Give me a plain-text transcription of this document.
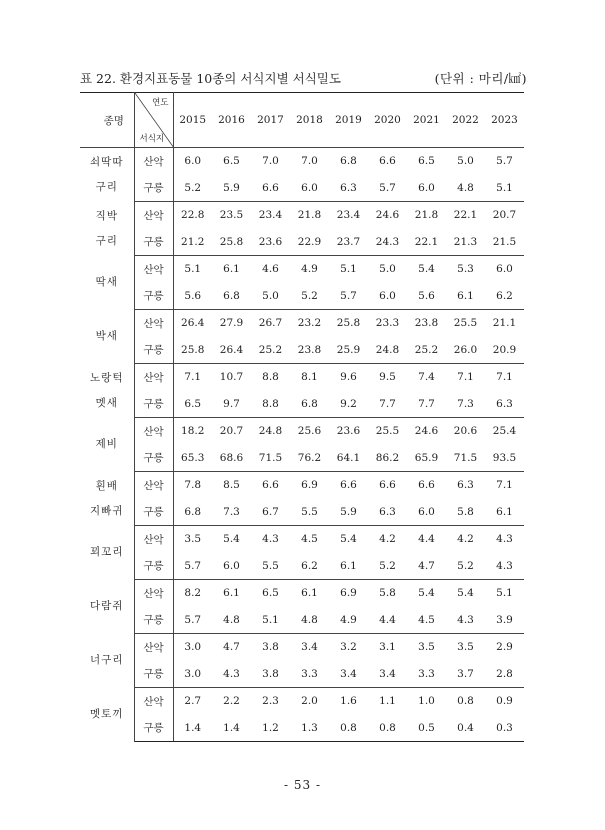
표 22. 환경지표동물 10종의 서식지별 서식밀도	(단위 : 마리/㎢)
종명	연도
서식지	2015	2016	2017	2018	2019	2020	2021	2022	2023

쇠딱따
구리	산악	6.0	6.5	7.0	7.0	6.8	6.6	6.5	5.0	5.7
	구릉	5.2	5.9	6.6	6.0	6.3	5.7	6.0	4.8	5.1

직박
구리	산악	22.8	23.5	23.4	21.8	23.4	24.6	21.8	22.1	20.7
	구릉	21.2	25.8	23.6	22.9	23.7	24.3	22.1	21.3	21.5

딱새	산악	5.1	6.1	4.6	4.9	5.1	5.0	5.4	5.3	6.0
	구릉	5.6	6.8	5.0	5.2	5.7	6.0	5.6	6.1	6.2

박새	산악	26.4	27.9	26.7	23.2	25.8	23.3	23.8	25.5	21.1
	구릉	25.8	26.4	25.2	23.8	25.9	24.8	25.2	26.0	20.9

노랑턱
멧새	산악	7.1	10.7	8.8	8.1	9.6	9.5	7.4	7.1	7.1
	구릉	6.5	9.7	8.8	6.8	9.2	7.7	7.7	7.3	6.3

제비	산악	18.2	20.7	24.8	25.6	23.6	25.5	24.6	20.6	25.4
	구릉	65.3	68.6	71.5	76.2	64.1	86.2	65.9	71.5	93.5

흰배
지빠귀	산악	7.8	8.5	6.6	6.9	6.6	6.6	6.6	6.3	7.1
	구릉	6.8	7.3	6.7	5.5	5.9	6.3	6.0	5.8	6.1

꾀꼬리	산악	3.5	5.4	4.3	4.5	5.4	4.2	4.4	4.2	4.3
	구릉	5.7	6.0	5.5	6.2	6.1	5.2	4.7	5.2	4.3

다람쥐	산악	8.2	6.1	6.5	6.1	6.9	5.8	5.4	5.4	5.1
	구릉	5.7	4.8	5.1	4.8	4.9	4.4	4.5	4.3	3.9

너구리	산악	3.0	4.7	3.8	3.4	3.2	3.1	3.5	3.5	2.9
	구릉	3.0	4.3	3.8	3.3	3.4	3.4	3.3	3.7	2.8

멧토끼	산악	2.7	2.2	2.3	2.0	1.6	1.1	1.0	0.8	0.9
	구릉	1.4	1.4	1.2	1.3	0.8	0.8	0.5	0.4	0.3
- 53 -
